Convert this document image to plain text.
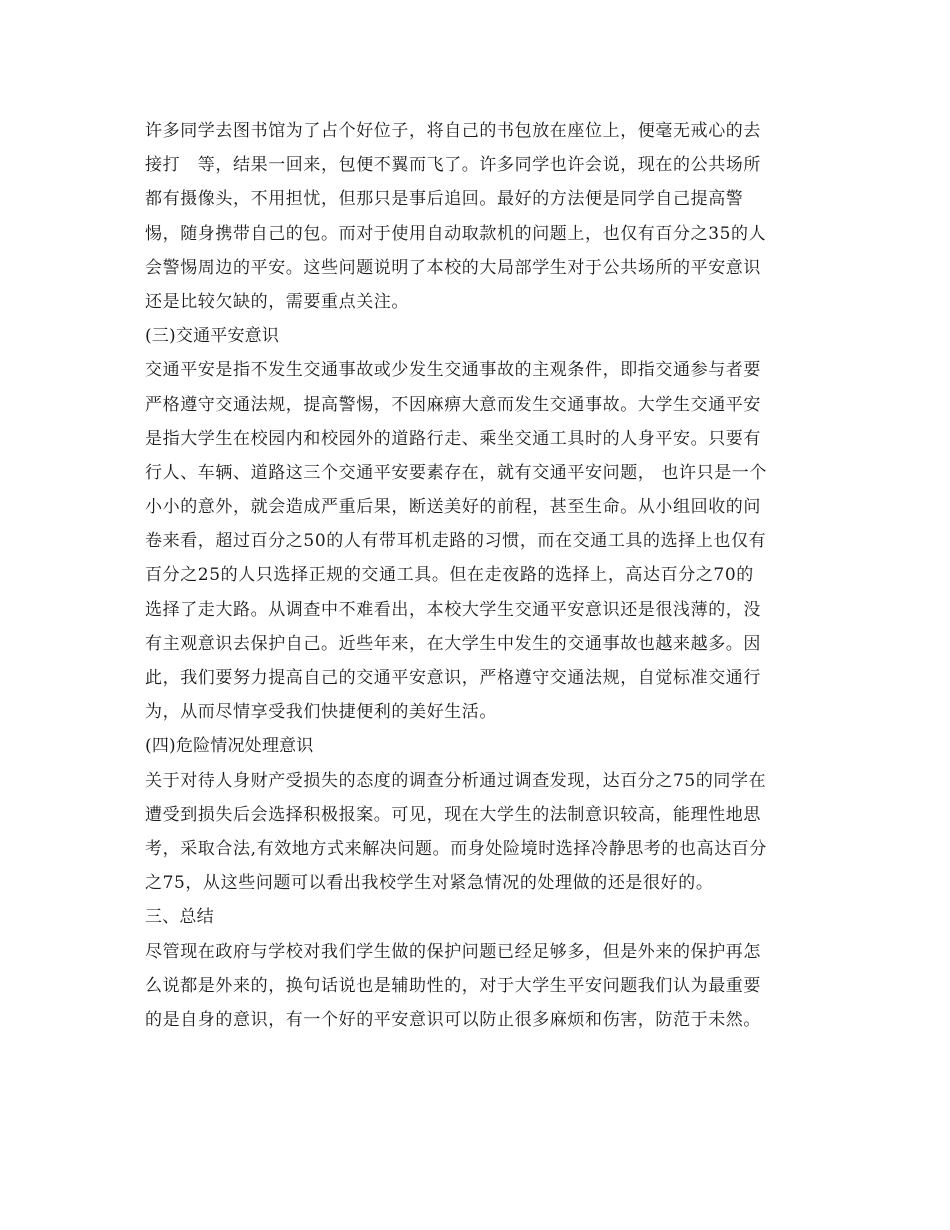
许多同学去图书馆为了占个好位子，将自己的书包放在座位上，便毫无戒心的去
接打　等，结果一回来，包便不翼而飞了。许多同学也许会说，现在的公共场所
都有摄像头，不用担忧，但那只是事后追回。最好的方法便是同学自己提高警
惕，随身携带自己的包。而对于使用自动取款机的问题上，也仅有百分之35的人
会警惕周边的平安。这些问题说明了本校的大局部学生对于公共场所的平安意识
还是比较欠缺的，需要重点关注。
(三)交通平安意识
交通平安是指不发生交通事故或少发生交通事故的主观条件，即指交通参与者要
严格遵守交通法规，提高警惕，不因麻痹大意而发生交通事故。大学生交通平安
是指大学生在校园内和校园外的道路行走、乘坐交通工具时的人身平安。只要有
行人、车辆、道路这三个交通平安要素存在，就有交通平安问题， 也许只是一个
小小的意外，就会造成严重后果，断送美好的前程，甚至生命。从小组回收的问
卷来看，超过百分之50的人有带耳机走路的习惯，而在交通工具的选择上也仅有
百分之25的人只选择正规的交通工具。但在走夜路的选择上，高达百分之70的
选择了走大路。从调查中不难看出，本校大学生交通平安意识还是很浅薄的，没
有主观意识去保护自己。近些年来，在大学生中发生的交通事故也越来越多。因
此，我们要努力提高自己的交通平安意识，严格遵守交通法规，自觉标准交通行
为，从而尽情享受我们快捷便利的美好生活。
(四)危险情况处理意识
关于对待人身财产受损失的态度的调查分析通过调查发现，达百分之75的同学在
遭受到损失后会选择积极报案。可见，现在大学生的法制意识较高，能理性地思
考，采取合法,有效地方式来解决问题。而身处险境时选择冷静思考的也高达百分
之75，从这些问题可以看出我校学生对紧急情况的处理做的还是很好的。
三、总结
尽管现在政府与学校对我们学生做的保护问题已经足够多，但是外来的保护再怎
么说都是外来的，换句话说也是辅助性的，对于大学生平安问题我们认为最重要
的是自身的意识，有一个好的平安意识可以防止很多麻烦和伤害，防范于未然。
